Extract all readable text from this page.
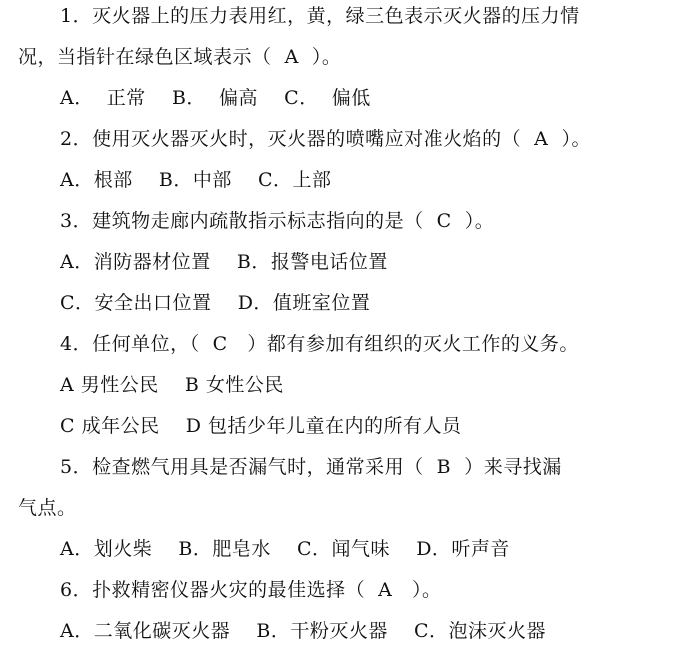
1．灭火器上的压力表用红，黄，绿三色表示灭火器的压力情
况，当指针在绿色区域表示（  A  ）。
A．  正常    B．  偏高    C．  偏低
2．使用灭火器灭火时，灭火器的喷嘴应对准火焰的（  A  ）。
A．根部    B．中部    C．上部
3．建筑物走廊内疏散指示标志指向的是（  C  ）。
A．消防器材位置    B．报警电话位置
C．安全出口位置    D．值班室位置
4．任何单位，（  C   ）都有参加有组织的灭火工作的义务。
A 男性公民    B 女性公民
C 成年公民    D 包括少年儿童在内的所有人员
5．检查燃气用具是否漏气时，通常采用（  B  ）来寻找漏
气点。
A．划火柴    B．肥皂水    C．闻气味    D．听声音
6．扑救精密仪器火灾的最佳选择（  A   ）。
A．二氧化碳灭火器    B．干粉灭火器    C．泡沫灭火器
